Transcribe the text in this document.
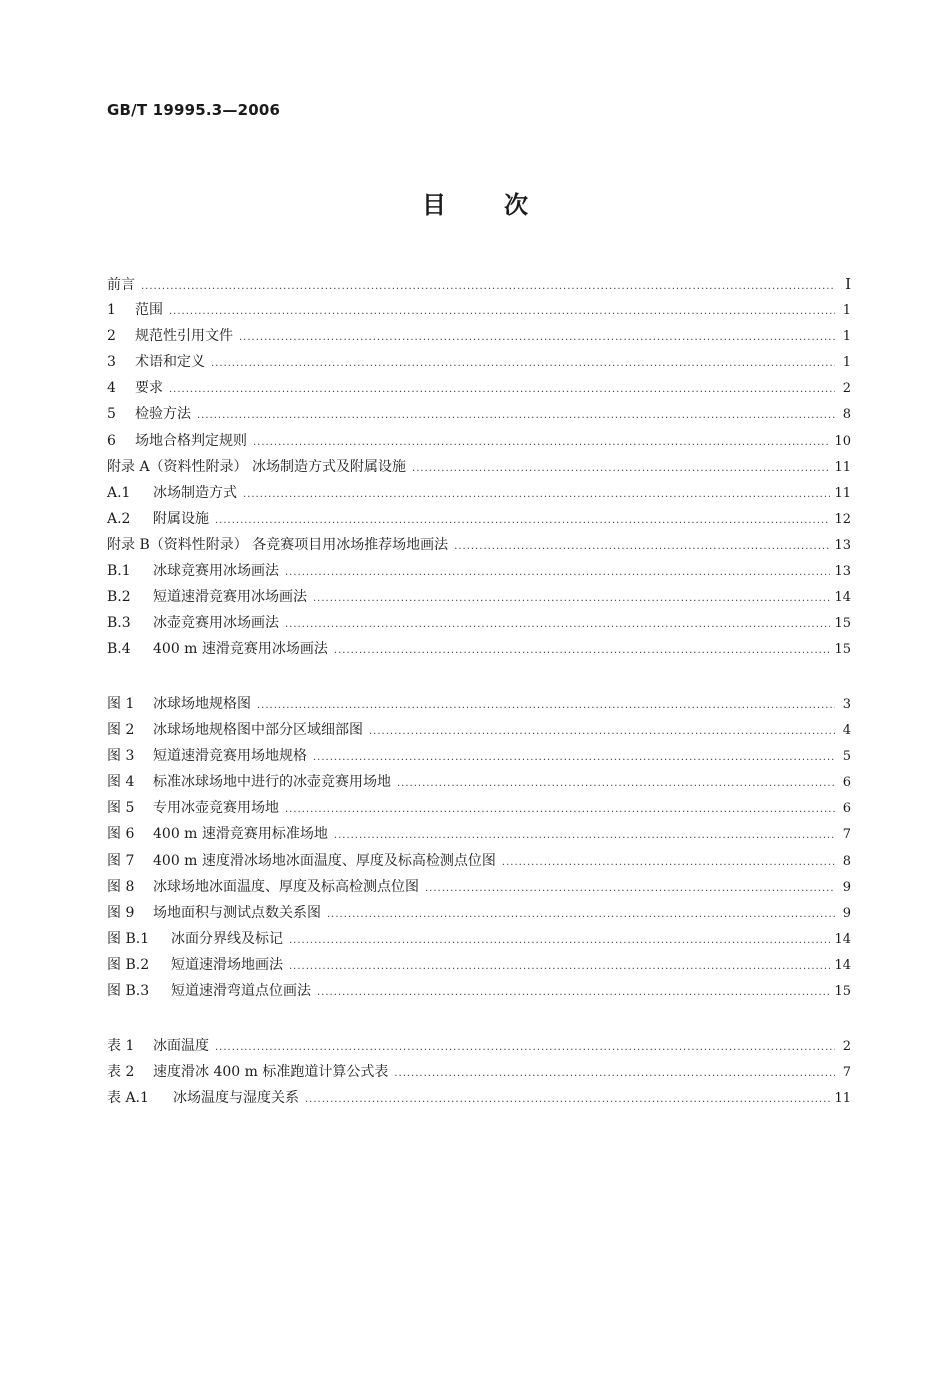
GB/T 19995.3—2006
目次
前言 .....	I
1	范围 .....	1
2	规范性引用文件 .....	1
3	术语和定义 .....	1
4	要求 .....	2
5	检验方法 .....	8
6	场地合格判定规则 .....	10
附录 A（资料性附录） 冰场制造方式及附属设施 .....	11
A.1	冰场制造方式 .....	11
A.2	附属设施 .....	12
附录 B（资料性附录） 各竞赛项目用冰场推荐场地画法 .....	13
B.1	冰球竞赛用冰场画法 .....	13
B.2	短道速滑竞赛用冰场画法 .....	14
B.3	冰壶竞赛用冰场画法 .....	15
B.4	400 m 速滑竞赛用冰场画法 .....	15
图 1	冰球场地规格图 .....	3
图 2	冰球场地规格图中部分区域细部图 .....	4
图 3	短道速滑竞赛用场地规格 .....	5
图 4	标准冰球场地中进行的冰壶竞赛用场地 .....	6
图 5	专用冰壶竞赛用场地 .....	6
图 6	400 m 速滑竞赛用标准场地 .....	7
图 7	400 m 速度滑冰场地冰面温度、厚度及标高检测点位图 .....	8
图 8	冰球场地冰面温度、厚度及标高检测点位图 .....	9
图 9	场地面积与测试点数关系图 .....	9
图 B.1	冰面分界线及标记 .....	14
图 B.2	短道速滑场地画法 .....	14
图 B.3	短道速滑弯道点位画法 .....	15
表 1	冰面温度 .....	2
表 2	速度滑冰 400 m 标准跑道计算公式表 .....	7
表 A.1	冰场温度与湿度关系 .....	11
